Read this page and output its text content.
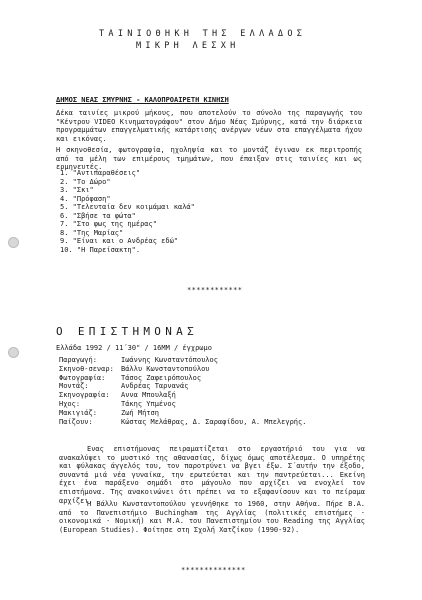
ΤΑΙΝΙΟΘΗΚΗ ΤΗΣ ΕΛΛΑΔΟΣ
ΜΙΚΡΗ ΛΕΣΧΗ
ΔΗΜΟΣ ΝΕΑΣ ΣΜΥΡΝΗΣ - ΚΑΛΟΠΡΟΑΙΡΕΤΗ ΚΙΝΗΣΗ
Δέκα ταινίες μικρού μήκους, που αποτελούν το σύνολο της παραγωγής του "Κέντρου VIDEO Κινηματογράφου" στον Δήμο Νέας Σμύρνης, κατά την διάρκεια προγραμμάτων επαγγελματικής κατάρτισης ανέργων νέων στα επαγγέλματα ήχου και εικόνας.
Η σκηνοθεσία, φωτογραφία, ηχοληψία και το μοντάζ έγιναν εκ περιτροπής από τα μέλη των επιμέρους τμημάτων, που έπαιξαν στις ταινίες και ως ερμηνευτές.
1. "Αντιπαραθέσεις"
2. "Το Δώρο"
3. "Σκι"
4. "Πρόφαση"
5. "Τελευταία δεν κοιμάμαι καλά"
6. "Σβήσε τα φώτα"
7. "Στο φως της ημέρας"
8. "Της Μαρίας"
9. "Είναι και ο Ανδρέας εδώ"
10. "Η Παρείσακτη".
************
Ο ΕΠΙΣΤΗΜΟΝΑΣ
Ελλάδα 1992 / 11΄30" / 16ΜΜ / έγχρωμο
Παραγωγή:	Ιωάννης Κωνσταντόπουλος
Σκηνοθ-σεναρ: Βάλλυ Κωνσταντοπούλου
Φωτογραφία: Τάσος Ζαφειρόπουλος
Μοντάζ:	Ανδρέας Ταρνανάς
Σκηνογραφία: Αννα Μπουλαξή
Ηχος:	Τάκης Υπμένος
Μακιγιάζ:	Ζωή Μήτση
Παίζουν:	Κώστας Μελάθρας, Δ. Σαραφίδου, Α. Μπελεγρής.
Ενας επιστήμονας πειραματίζεται στο εργαστήριό του για να ανακαλύψει το μυστικό της αθανασίας, δίχως όμως αποτέλεσμα. Ο υπηρέτης και φύλακας άγγελός του, τον παροτρύνει να βγει έξω. Σ΄αυτήν την έξοδο, συναντά μιά νέα γυναίκα, την ερωτεύεται και την παντρεύεται... Εκείνη έχει ένα παράξενο σημάδι στο μάγουλο που αρχίζει να ενοχλεί τον επιστήμονα. Της ανακοινώνει ότι πρέπει να το εξαφανίσουν και το πείραμα αρχίζει.
Η Βάλλυ Κωνσταντοπούλου γεννήθηκε το 1960, στην Αθήνα. Πήρε B.A. από το Πανεπιστήμιο Buchingham της Αγγλίας (πολιτικές επιστήμες - οικονομικά - Νομική) και M.A. του Πανεπιστημίου του Reading της Αγγλίας (European Studies). Φοίτησε στη Σχολή Χατζίκου (1990-92).
**************
